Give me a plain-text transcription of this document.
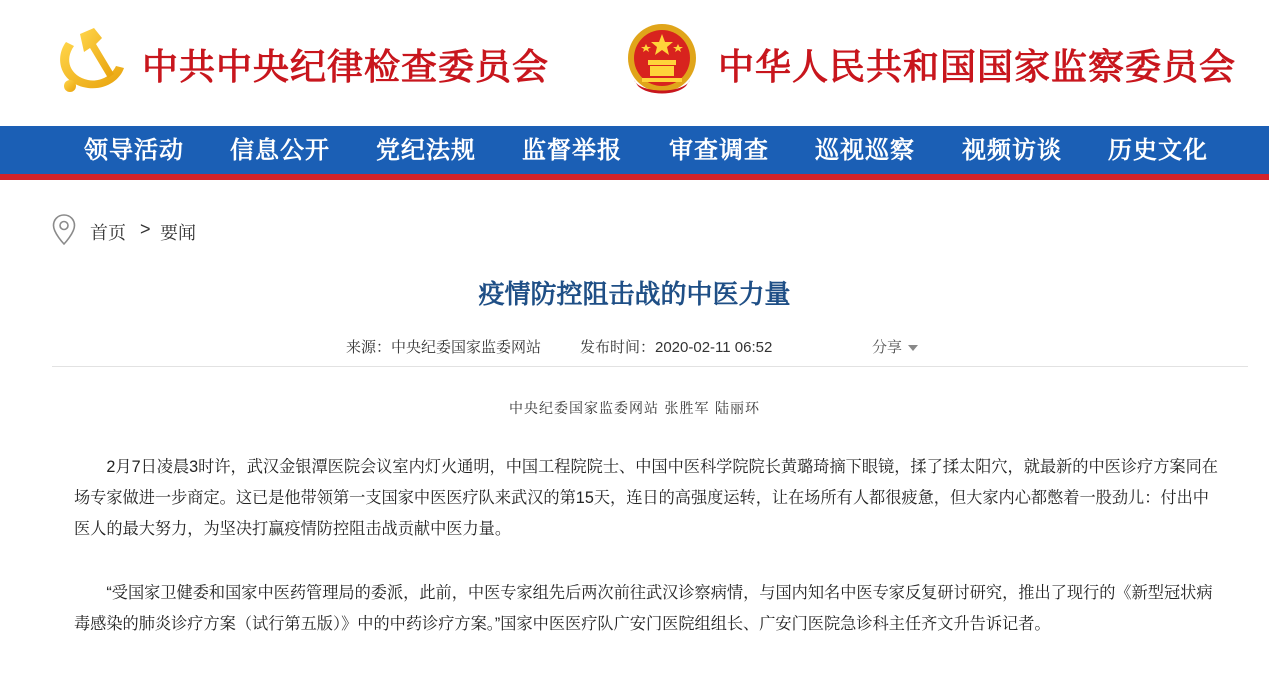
中共中央纪律检查委员会	中华人民共和国国家监察委员会
领导活动 信息公开 党纪法规 监督举报 审查调查 巡视巡察 视频访谈 历史文化
首页 > 要闻
疫情防控阻击战的中医力量
来源：中央纪委国家监委网站	发布时间：2020-02-11 06:52	分享
中央纪委国家监委网站 张胜军 陆丽环

2月7日凌晨3时许，武汉金银潭医院会议室内灯火通明，中国工程院院士、中国中医科学院院长黄璐琦摘下眼镜，揉了揉太阳穴，就最新的中医诊疗方案同在场专家做进一步商定。这已是他带领第一支国家中医医疗队来武汉的第15天，连日的高强度运转，让在场所有人都很疲惫，但大家内心都憋着一股劲儿：付出中医人的最大努力，为坚决打赢疫情防控阻击战贡献中医力量。

“受国家卫健委和国家中医药管理局的委派，此前，中医专家组先后两次前往武汉诊察病情，与国内知名中医专家反复研讨研究，推出了现行的《新型冠状病毒感染的肺炎诊疗方案（试行第五版）》中的中药诊疗方案。”国家中医医疗队广安门医院组组长、广安门医院急诊科主任齐文升告诉记者。
